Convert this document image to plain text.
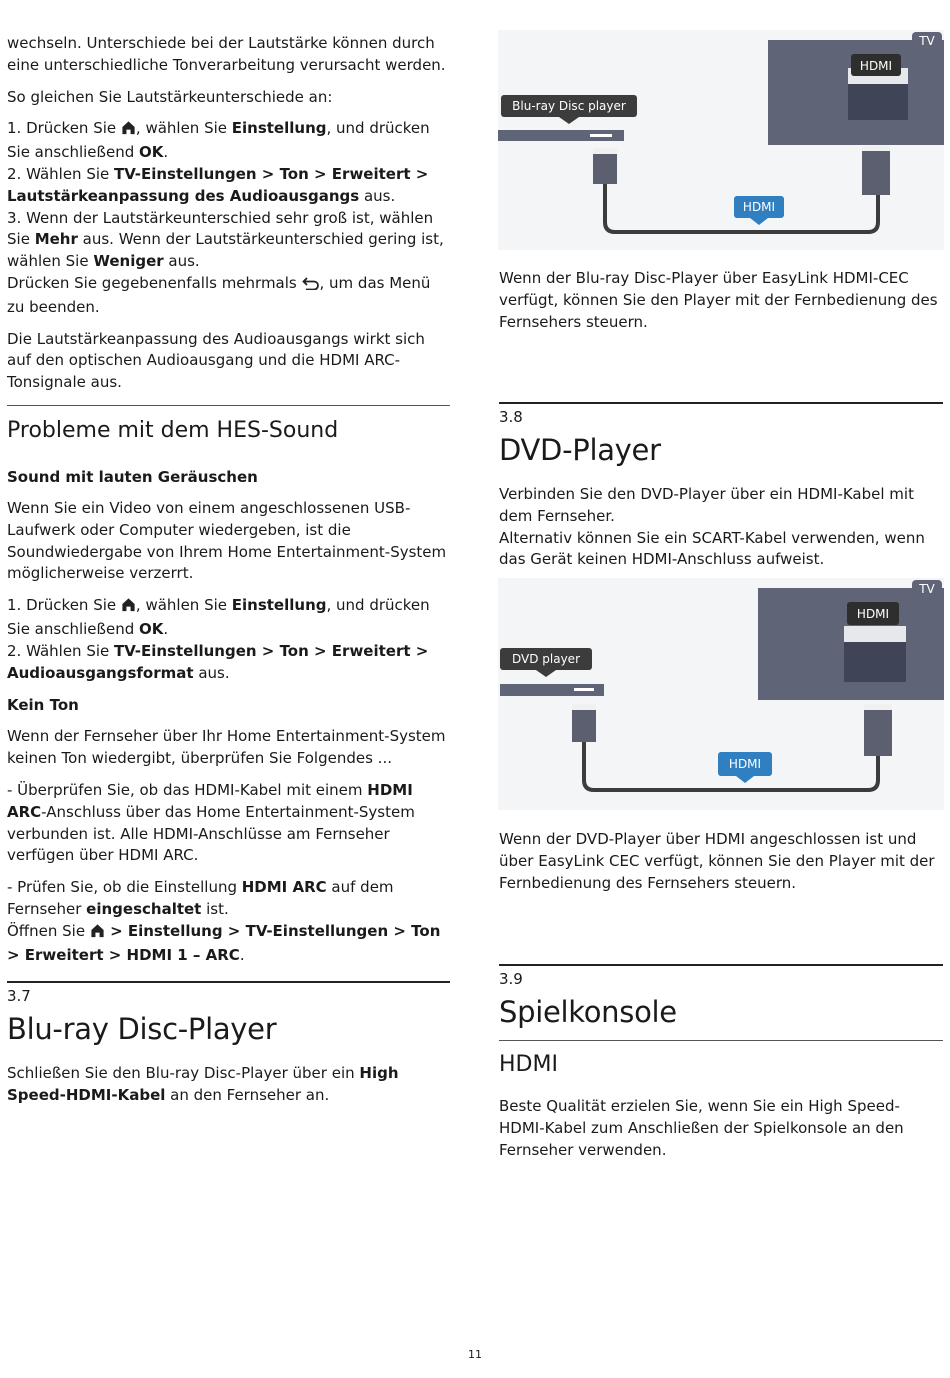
wechseln. Unterschiede bei der Lautstärke können durch eine unterschiedliche Tonverarbeitung verursacht werden.

So gleichen Sie Lautstärkeunterschiede an:

1. Drücken Sie , wählen Sie Einstellung, und drücken Sie anschließend OK.

2. Wählen Sie TV-Einstellungen > Ton > Erweitert > Lautstärkeanpassung des Audioausgangs aus.

3. Wenn der Lautstärkeunterschied sehr groß ist, wählen Sie Mehr aus. Wenn der Lautstärkeunterschied gering ist, wählen Sie Weniger aus.

Drücken Sie gegebenenfalls mehrmals , um das Menü zu beenden.

Die Lautstärkeanpassung des Audioausgangs wirkt sich auf den optischen Audioausgang und die HDMI ARC-Tonsignale aus.

Probleme mit dem HES-Sound

Sound mit lauten Geräuschen

Wenn Sie ein Video von einem angeschlossenen USB-Laufwerk oder Computer wiedergeben, ist die Soundwiedergabe von Ihrem Home Entertainment-System möglicherweise verzerrt.

1. Drücken Sie , wählen Sie Einstellung, und drücken Sie anschließend OK.

2. Wählen Sie TV-Einstellungen > Ton > Erweitert > Audioausgangsformat aus.

Kein Ton

Wenn der Fernseher über Ihr Home Entertainment-System keinen Ton wiedergibt, überprüfen Sie Folgendes ...

- Überprüfen Sie, ob das HDMI-Kabel mit einem HDMI ARC-Anschluss über das Home Entertainment-System verbunden ist. Alle HDMI-Anschlüsse am Fernseher verfügen über HDMI ARC.

- Prüfen Sie, ob die Einstellung HDMI ARC auf dem Fernseher eingeschaltet ist.

Öffnen Sie  > Einstellung > TV-Einstellungen > Ton > Erweitert > HDMI 1 – ARC.

3.7
Blu-ray Disc-Player

Schließen Sie den Blu-ray Disc-Player über ein High Speed-HDMI-Kabel an den Fernseher an.

TV
HDMI
Blu-ray Disc player
HDMI
Wenn der Blu-ray Disc-Player über EasyLink HDMI-CEC verfügt, können Sie den Player mit der Fernbedienung des Fernsehers steuern.
3.8
DVD-Player

Verbinden Sie den DVD-Player über ein HDMI-Kabel mit dem Fernseher.

Alternativ können Sie ein SCART-Kabel verwenden, wenn das Gerät keinen HDMI-Anschluss aufweist.

TV
HDMI
DVD player
HDMI
Wenn der DVD-Player über HDMI angeschlossen ist und über EasyLink CEC verfügt, können Sie den Player mit der Fernbedienung des Fernsehers steuern.
3.9
Spielkonsole
HDMI
Beste Qualität erzielen Sie, wenn Sie ein High Speed-HDMI-Kabel zum Anschließen der Spielkonsole an den Fernseher verwenden.
11
